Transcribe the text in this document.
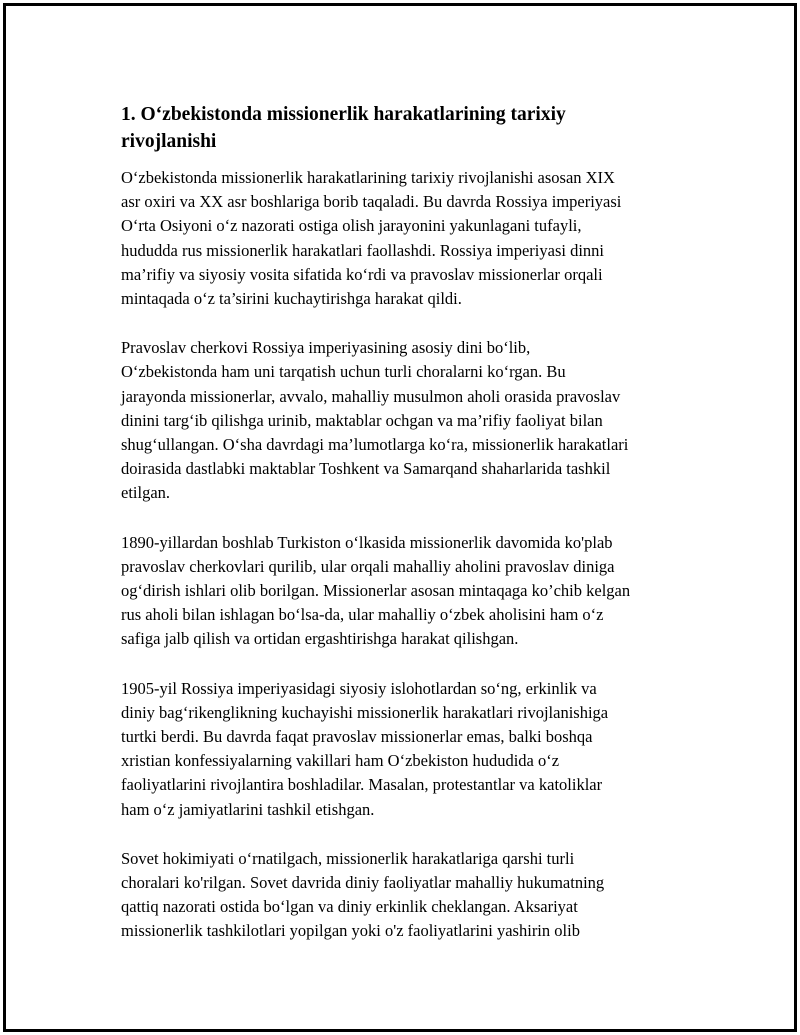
1. O‘zbekistonda missionerlik harakatlarining tarixiy
rivojlanishi

O‘zbekistonda missionerlik harakatlarining tarixiy rivojlanishi asosan XIX
asr oxiri va XX asr boshlariga borib taqaladi. Bu davrda Rossiya imperiyasi
O‘rta Osiyoni o‘z nazorati ostiga olish jarayonini yakunlagani tufayli,
hududda rus missionerlik harakatlari faollashdi. Rossiya imperiyasi dinni
ma’rifiy va siyosiy vosita sifatida ko‘rdi va pravoslav missionerlar orqali
mintaqada o‘z ta’sirini kuchaytirishga harakat qildi.

Pravoslav cherkovi Rossiya imperiyasining asosiy dini bo‘lib,
O‘zbekistonda ham uni tarqatish uchun turli choralarni ko‘rgan. Bu
jarayonda missionerlar, avvalo, mahalliy musulmon aholi orasida pravoslav
dinini targ‘ib qilishga urinib, maktablar ochgan va ma’rifiy faoliyat bilan
shug‘ullangan. O‘sha davrdagi ma’lumotlarga ko‘ra, missionerlik harakatlari
doirasida dastlabki maktablar Toshkent va Samarqand shaharlarida tashkil
etilgan.

1890-yillardan boshlab Turkiston o‘lkasida missionerlik davomida ko'plab
pravoslav cherkovlari qurilib, ular orqali mahalliy aholini pravoslav diniga
og‘dirish ishlari olib borilgan. Missionerlar asosan mintaqaga ko’chib kelgan
rus aholi bilan ishlagan bo‘lsa-da, ular mahalliy o‘zbek aholisini ham o‘z
safiga jalb qilish va ortidan ergashtirishga harakat qilishgan.

1905-yil Rossiya imperiyasidagi siyosiy islohotlardan so‘ng, erkinlik va
diniy bag‘rikenglikning kuchayishi missionerlik harakatlari rivojlanishiga
turtki berdi. Bu davrda faqat pravoslav missionerlar emas, balki boshqa
xristian konfessiyalarning vakillari ham O‘zbekiston hududida o‘z
faoliyatlarini rivojlantira boshladilar. Masalan, protestantlar va katoliklar
ham o‘z jamiyatlarini tashkil etishgan.

Sovet hokimiyati o‘rnatilgach, missionerlik harakatlariga qarshi turli
choralari ko'rilgan. Sovet davrida diniy faoliyatlar mahalliy hukumatning
qattiq nazorati ostida bo‘lgan va diniy erkinlik cheklangan. Aksariyat
missionerlik tashkilotlari yopilgan yoki o'z faoliyatlarini yashirin olib
